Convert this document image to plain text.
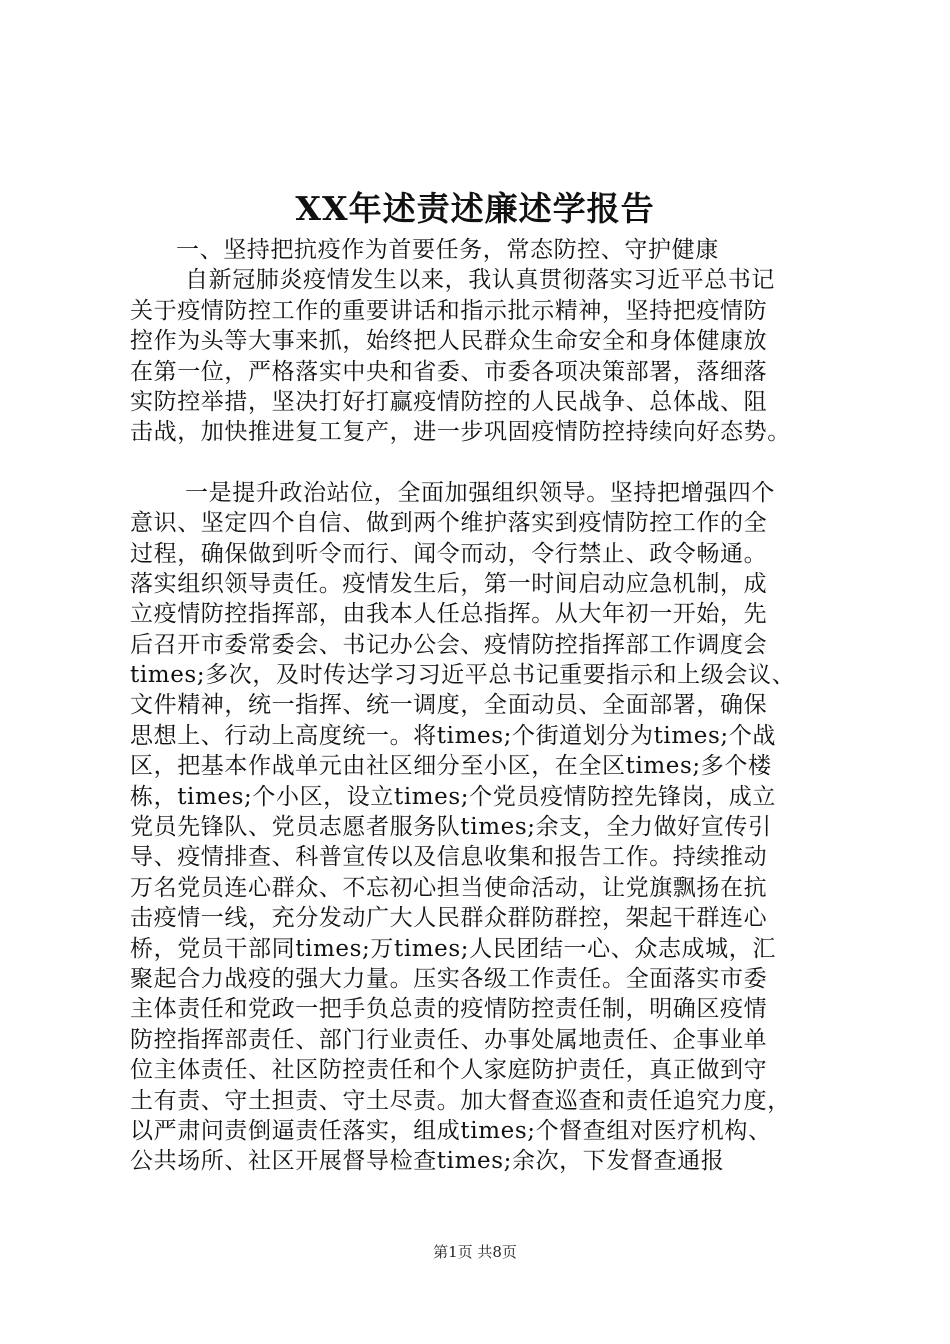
XX年述责述廉述学报告
一、坚持把抗疫作为首要任务，常态防控、守护健康
自新冠肺炎疫情发生以来，我认真贯彻落实习近平总书记
关于疫情防控工作的重要讲话和指示批示精神，坚持把疫情防
控作为头等大事来抓，始终把人民群众生命安全和身体健康放
在第一位，严格落实中央和省委、市委各项决策部署，落细落
实防控举措，坚决打好打赢疫情防控的人民战争、总体战、阻
击战，加快推进复工复产，进一步巩固疫情防控持续向好态势。
一是提升政治站位，全面加强组织领导。坚持把增强四个
意识、坚定四个自信、做到两个维护落实到疫情防控工作的全
过程，确保做到听令而行、闻令而动，令行禁止、政令畅通。
落实组织领导责任。疫情发生后，第一时间启动应急机制，成
立疫情防控指挥部，由我本人任总指挥。从大年初一开始，先
后召开市委常委会、书记办公会、疫情防控指挥部工作调度会
times;多次，及时传达学习习近平总书记重要指示和上级会议、
文件精神，统一指挥、统一调度，全面动员、全面部署，确保
思想上、行动上高度统一。将times;个街道划分为times;个战
区，把基本作战单元由社区细分至小区，在全区times;多个楼
栋，times;个小区，设立times;个党员疫情防控先锋岗，成立
党员先锋队、党员志愿者服务队times;余支，全力做好宣传引
导、疫情排查、科普宣传以及信息收集和报告工作。持续推动
万名党员连心群众、不忘初心担当使命活动，让党旗飘扬在抗
击疫情一线，充分发动广大人民群众群防群控，架起干群连心
桥，党员干部同times;万times;人民团结一心、众志成城，汇
聚起合力战疫的强大力量。压实各级工作责任。全面落实市委
主体责任和党政一把手负总责的疫情防控责任制，明确区疫情
防控指挥部责任、部门行业责任、办事处属地责任、企事业单
位主体责任、社区防控责任和个人家庭防护责任，真正做到守
土有责、守土担责、守土尽责。加大督查巡查和责任追究力度，
以严肃问责倒逼责任落实，组成times;个督查组对医疗机构、
公共场所、社区开展督导检查times;余次，下发督查通报
第1页 共8页
